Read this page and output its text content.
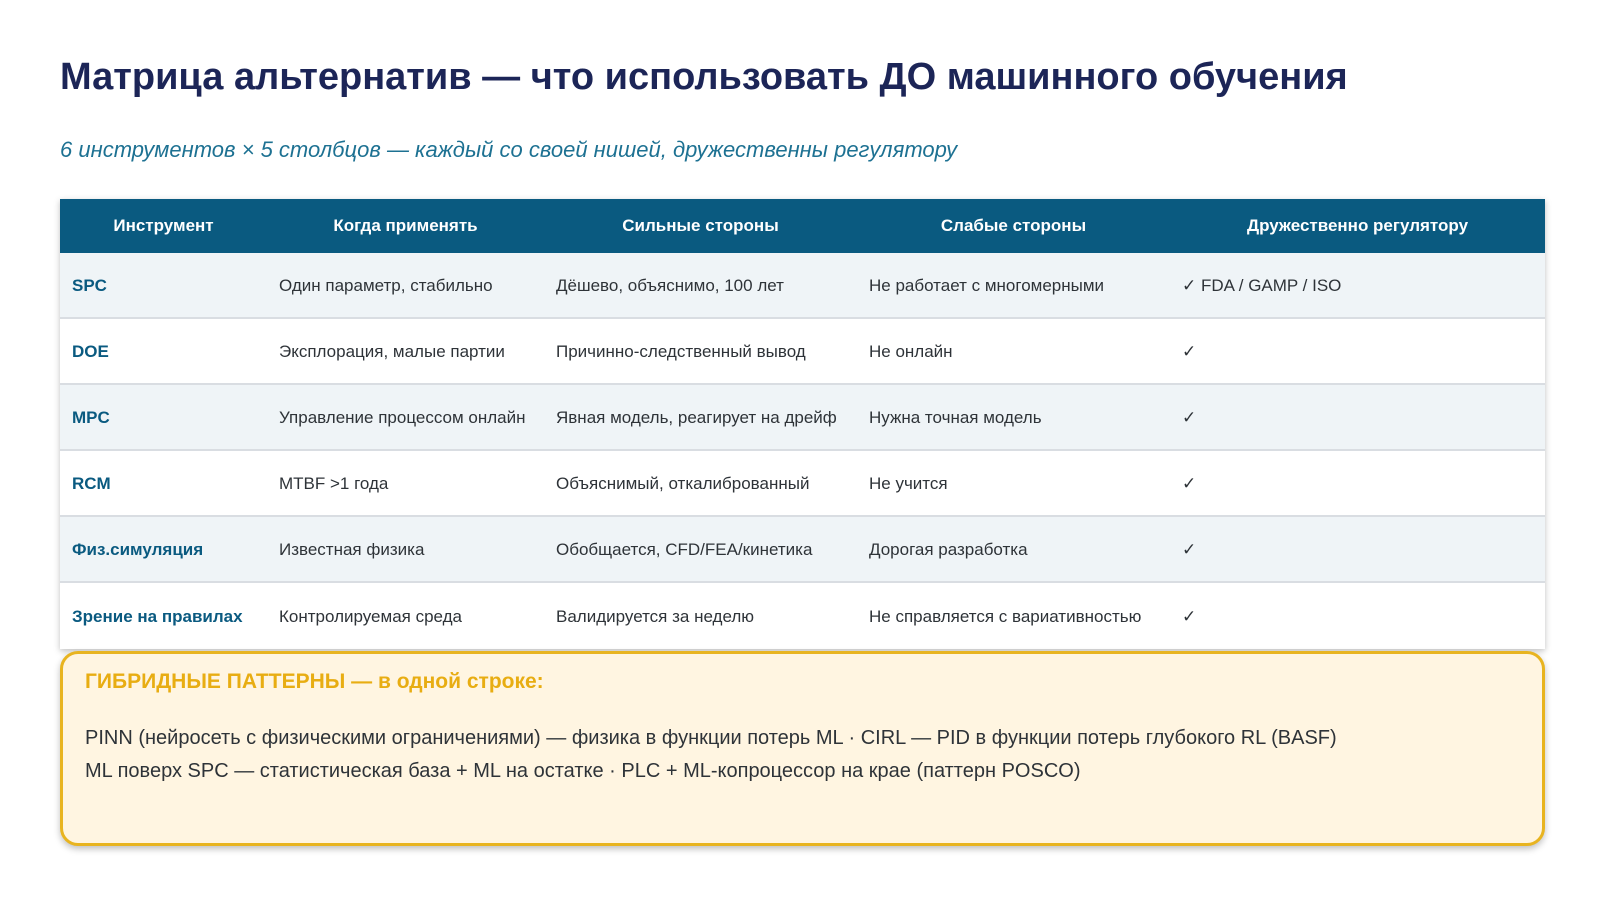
Матрица альтернатив — что использовать ДО машинного обучения
6 инструментов × 5 столбцов — каждый со своей нишей, дружественны регулятору
Инструмент	Когда применять	Сильные стороны	Слабые стороны	Дружественно регулятору
SPC	Один параметр, стабильно	Дёшево, объяснимо, 100 лет	Не работает с многомерными	✓ FDA / GAMP / ISO
DOE	Эксплорация, малые партии	Причинно-следственный вывод	Не онлайн	✓
MPC	Управление процессом онлайн	Явная модель, реагирует на дрейф	Нужна точная модель	✓
RCM	MTBF >1 года	Объяснимый, откалиброванный	Не учится	✓
Физ.симуляция	Известная физика	Обобщается, CFD/FEA/кинетика	Дорогая разработка	✓
Зрение на правилах	Контролируемая среда	Валидируется за неделю	Не справляется с вариативностью	✓
ГИБРИДНЫЕ ПАТТЕРНЫ — в одной строке:
PINN (нейросеть с физическими ограничениями) — физика в функции потерь ML · CIRL — PID в функции потерь глубокого RL (BASF)
ML поверх SPC — статистическая база + ML на остатке · PLC + ML-копроцессор на крае (паттерн POSCO)
